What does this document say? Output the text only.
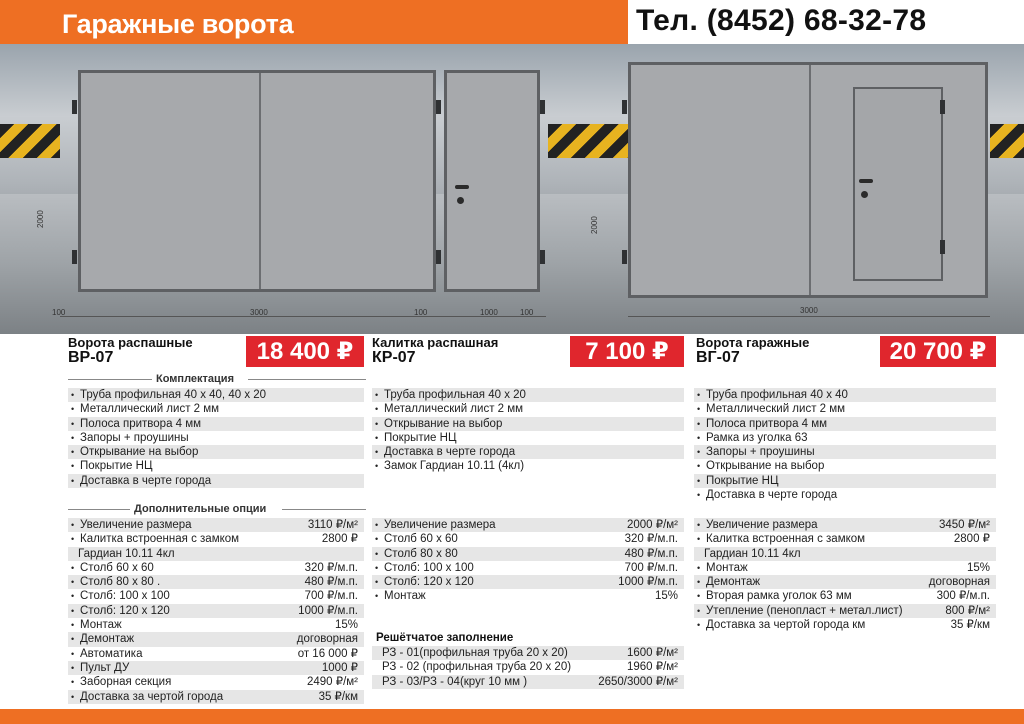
Гаражные ворота	Тел. (8452) 68-32-78
2000
100	3000	100	1000	100
2000
3000
Ворота распашные
ВР-07	18 400 ₽	Калитка распашная
КР-07	7 100 ₽	Ворота гаражные
ВГ-07	20 700 ₽
Комплектация
• Труба профильная 40 х 40, 40 х 20
• Металлический лист 2 мм
• Полоса притвора 4 мм
• Запоры + проушины
• Открывание на выбор
• Покрытие НЦ
• Доставка в черте города
• Труба профильная 40 х 20
• Металлический лист 2 мм
• Открывание на выбор
• Покрытие НЦ
• Доставка в черте города
• Замок Гардиан 10.11 (4кл)
• Труба профильная 40 х 40
• Металлический лист 2 мм
• Полоса притвора 4 мм
• Рамка из уголка 63
• Запоры + проушины
• Открывание на выбор
• Покрытие НЦ
• Доставка в черте города
Дополнительные опции
• Увеличение размера	3110 ₽/м²
• Калитка встроенная с замком	2800 ₽
Гардиан 10.11 4кл
• Столб 60 х 60	320 ₽/м.п.
• Столб 80 х 80 .	480 ₽/м.п.
• Столб: 100 х 100	700 ₽/м.п.
• Столб: 120 х 120	1000 ₽/м.п.
• Монтаж	15%
• Демонтаж	договорная
• Автоматика	от 16 000 ₽
• Пульт ДУ	1000 ₽
• Заборная секция	2490 ₽/м²
• Доставка за чертой города	35 ₽/км
• Увеличение размера	2000 ₽/м²
• Столб 60 х 60	320 ₽/м.п.
• Столб 80 х 80	480 ₽/м.п.
• Столб: 100 х 100	700 ₽/м.п.
• Столб: 120 х 120	1000 ₽/м.п.
• Монтаж	15%
• Увеличение размера	3450 ₽/м²
• Калитка встроенная с замком	2800 ₽
Гардиан 10.11 4кл
• Монтаж	15%
• Демонтаж	договорная
• Вторая рамка уголок 63 мм	300 ₽/м.п.
• Утепление (пенопласт + метал.лист)	800 ₽/м²
• Доставка за чертой города км	35 ₽/км
Решётчатое заполнение
РЗ - 01(профильная труба 20 х 20)	1600 ₽/м²
РЗ - 02 (профильная труба 20 х 20)	1960 ₽/м²
РЗ - 03/РЗ - 04(круг 10 мм )	2650/3000 ₽/м²
